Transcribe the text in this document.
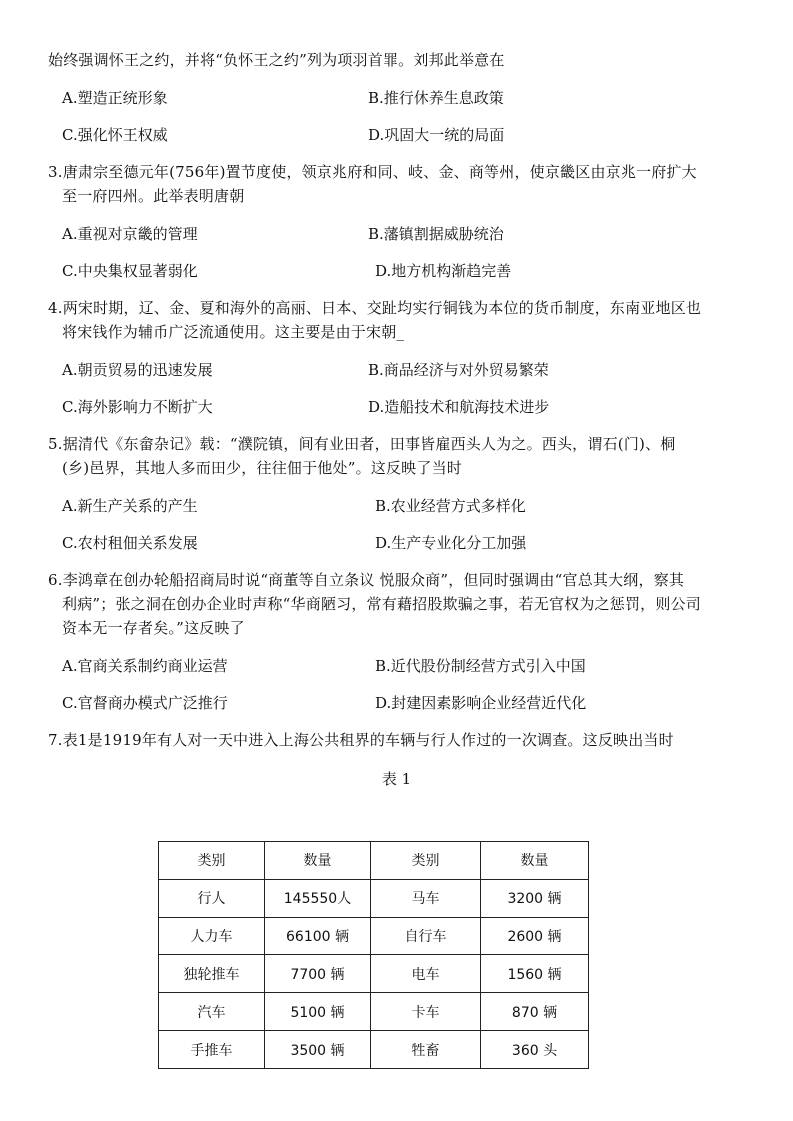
始终强调怀王之约，并将“负怀王之约”列为项羽首罪。刘邦此举意在
A.塑造正统形象	B.推行休养生息政策
C.强化怀王权威	D.巩固大一统的局面
3.唐肃宗至德元年(756年)置节度使，领京兆府和同、岐、金、商等州，使京畿区由京兆一府扩大
至一府四州。此举表明唐朝
A.重视对京畿的管理	B.藩镇割据威胁统治
C.中央集权显著弱化	D.地方机构渐趋完善
4.两宋时期，辽、金、夏和海外的高丽、日本、交趾均实行铜钱为本位的货币制度，东南亚地区也
将宋钱作为辅币广泛流通使用。这主要是由于宋朝_
A.朝贡贸易的迅速发展	B.商品经济与对外贸易繁荣
C.海外影响力不断扩大	D.造船技术和航海技术进步
5.据清代《东畲杂记》载：“濮院镇，间有业田者，田事皆雇西头人为之。西头，谓石(门)、桐
(乡)邑界，其地人多而田少，往往佃于他处”。这反映了当时
A.新生产关系的产生	B.农业经营方式多样化
C.农村租佃关系发展	D.生产专业化分工加强
6.李鸿章在创办轮船招商局时说“商董等自立条议 悦服众商”，但同时强调由“官总其大纲，察其
利病”；张之洞在创办企业时声称“华商陋习，常有藉招股欺骗之事，若无官权为之惩罚，则公司
资本无一存者矣。”这反映了
A.官商关系制约商业运营	B.近代股份制经营方式引入中国
C.官督商办模式广泛推行	D.封建因素影响企业经营近代化
7.表1是1919年有人对一天中进入上海公共租界的车辆与行人作过的一次调查。这反映出当时
表 1
类别	数量	类别	数量
行人	145550人	马车	3200 辆
人力车	66100 辆	自行车	2600 辆
独轮推车	7700 辆	电车	1560 辆
汽车	5100 辆	卡车	870 辆
手推车	3500 辆	牲畜	360 头
